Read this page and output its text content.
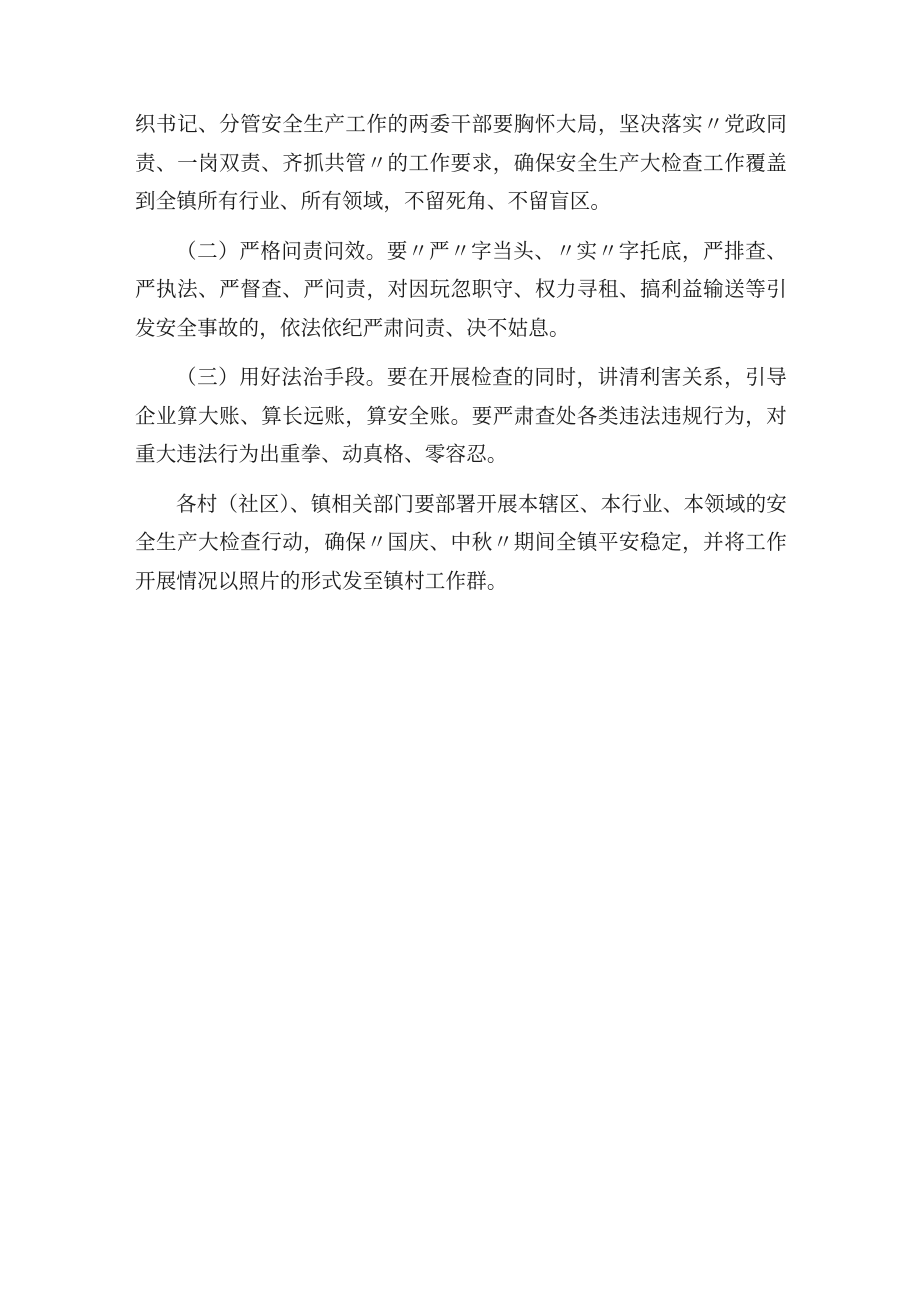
织书记、分管安全生产工作的两委干部要胸怀大局，坚决落实〃党政同责、一岗双责、齐抓共管〃的工作要求，确保安全生产大检查工作覆盖到全镇所有行业、所有领域，不留死角、不留盲区。

（二）严格问责问效。要〃严〃字当头、〃实〃字托底，严排查、严执法、严督查、严问责，对因玩忽职守、权力寻租、搞利益输送等引发安全事故的，依法依纪严肃问责、决不姑息。

（三）用好法治手段。要在开展检查的同时，讲清利害关系，引导企业算大账、算长远账，算安全账。要严肃查处各类违法违规行为，对重大违法行为出重拳、动真格、零容忍。

各村（社区）、镇相关部门要部署开展本辖区、本行业、本领域的安全生产大检查行动，确保〃国庆、中秋〃期间全镇平安稳定，并将工作开展情况以照片的形式发至镇村工作群。
